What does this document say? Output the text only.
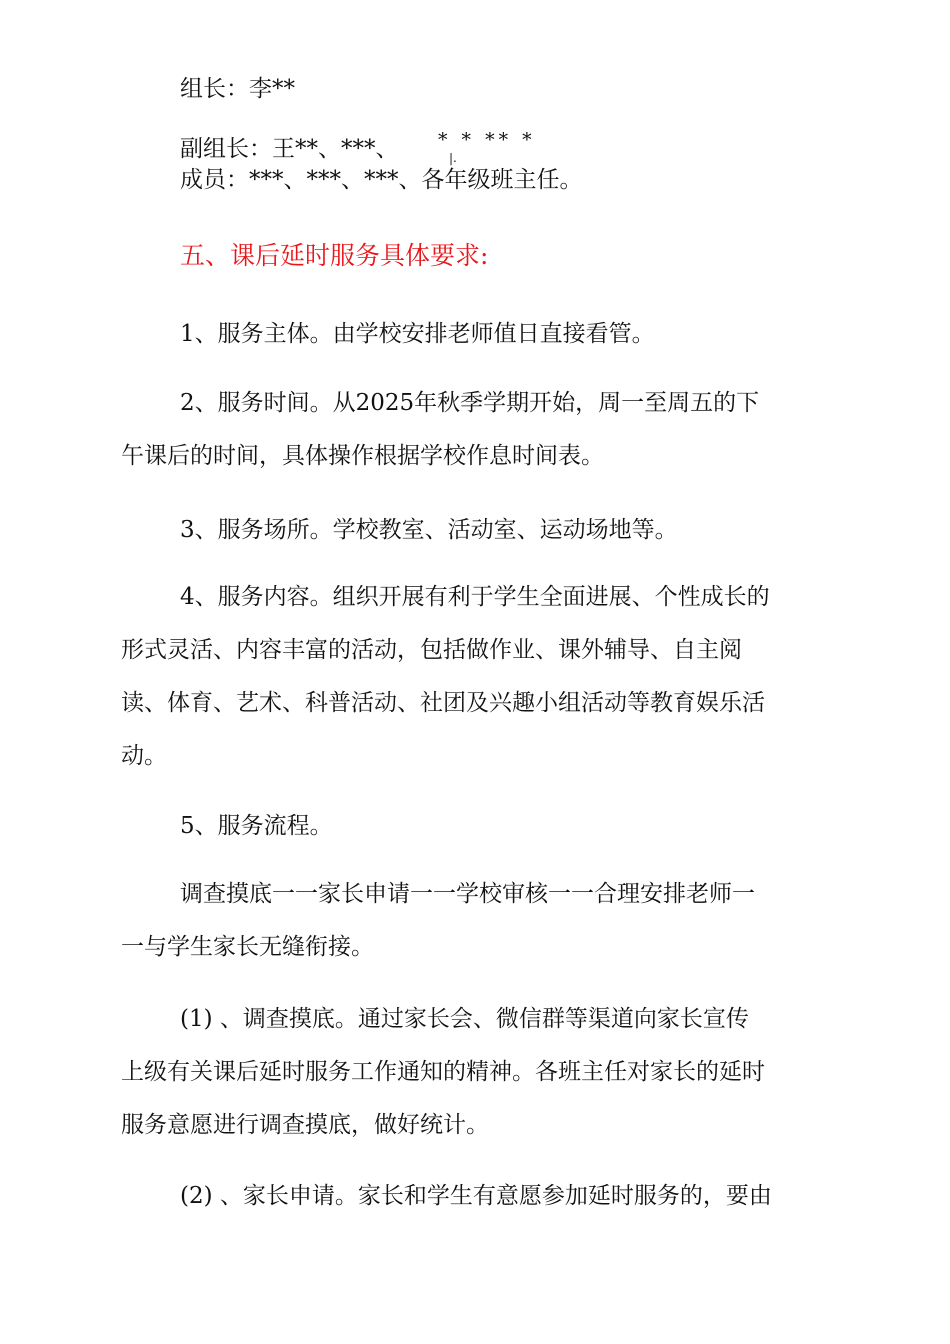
组长：李**

副组长：王**、***、 * * ** *
|.

成员：***、***、***、各年级班主任。

五、课后延时服务具体要求:

1、服务主体。由学校安排老师值日直接看管。

2、服务时间。从2025年秋季学期开始，周一至周五的下

午课后的时间，具体操作根据学校作息时间表。

3、服务场所。学校教室、活动室、运动场地等。

4、服务内容。组织开展有利于学生全面进展、个性成长的

形式灵活、内容丰富的活动，包括做作业、课外辅导、自主阅

读、体育、艺术、科普活动、社团及兴趣小组活动等教育娱乐活

动。

5、服务流程。

调查摸底一一家长申请一一学校审核一一合理安排老师一

一与学生家长无缝衔接。

(1) 、调查摸底。通过家长会、微信群等渠道向家长宣传

上级有关课后延时服务工作通知的精神。各班主任对家长的延时

服务意愿进行调查摸底，做好统计。

(2) 、家长申请。家长和学生有意愿参加延时服务的，要由
